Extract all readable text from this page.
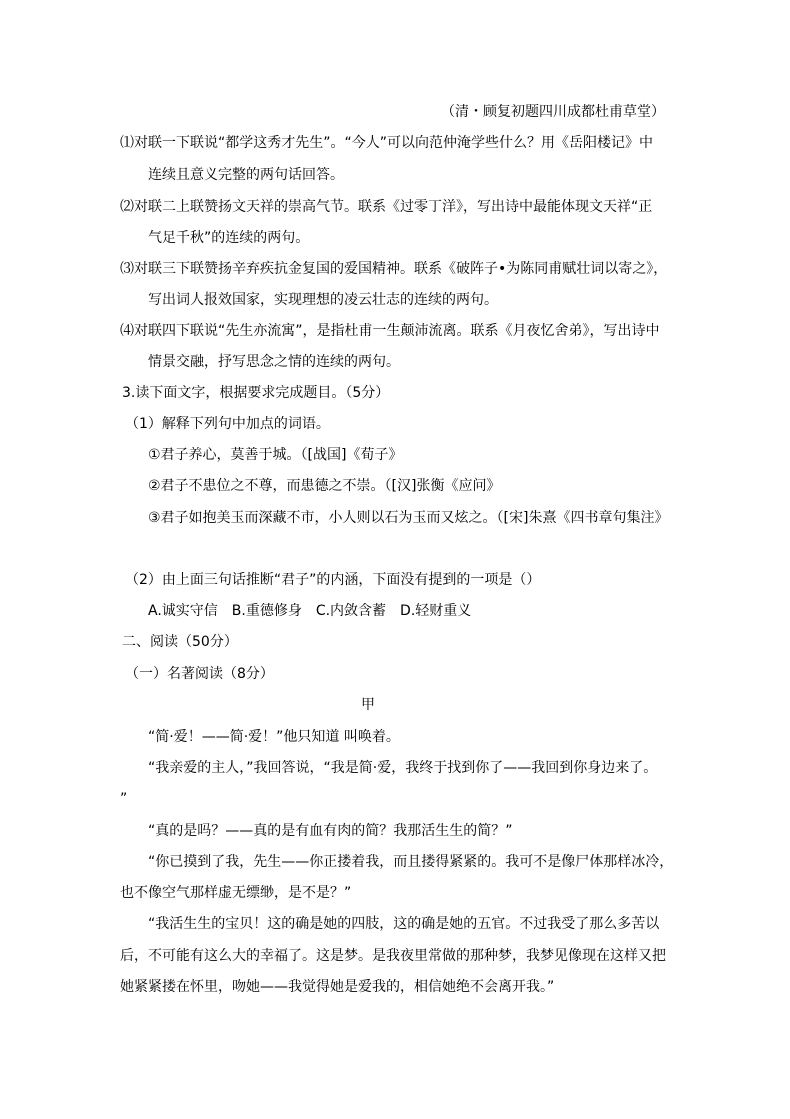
（清・顾复初题四川成都杜甫草堂）
⑴对联一下联说“都学这秀才先生”。“今人”可以向范仲淹学些什么？用《岳阳楼记》中
连续且意义完整的两句话回答。
⑵对联二上联赞扬文天祥的崇高气节。联系《过零丁洋》，写出诗中最能体现文天祥“正
气足千秋”的连续的两句。
⑶对联三下联赞扬辛弃疾抗金复国的爱国精神。联系《破阵子•为陈同甫赋壮词以寄之》，
写出词人报效国家，实现理想的凌云壮志的连续的两句。
⑷对联四下联说“先生亦流寓”，是指杜甫一生颠沛流离。联系《月夜忆舍弟》，写出诗中
情景交融，抒写思念之情的连续的两句。
3.读下面文字，根据要求完成题目。（5分）
（1）解释下列句中加点的词语。
①君子养心，莫善于城。（[战国]《荀子》
②君子不患位之不尊，而患德之不崇。（[汉]张衡《应问》
③君子如抱美玉而深藏不市，小人则以石为玉而又炫之。（[宋]朱熹《四书章句集注》
（2）由上面三句话推断“君子”的内涵，下面没有提到的一项是（）
A.诚实守信　B.重德修身　C.内敛含蓄　D.轻财重义
二、阅读（50分）
（一）名著阅读（8分）
甲
“简·爱！——简·爱！”他只知道 叫唤着。
“我亲爱的主人，”我回答说，“我是简·爱，我终于找到你了——我回到你身边来了。
”
“真的是吗？——真的是有血有肉的简？我那活生生的简？”
“你已摸到了我，先生——你正搂着我，而且搂得紧紧的。我可不是像尸体那样冰冷，
也不像空气那样虚无缥缈，是不是？”
“我活生生的宝贝！这的确是她的四肢，这的确是她的五官。不过我受了那么多苦以
后，不可能有这么大的幸福了。这是梦。是我夜里常做的那种梦，我梦见像现在这样又把
她紧紧搂在怀里，吻她——我觉得她是爱我的，相信她绝不会离开我。”
